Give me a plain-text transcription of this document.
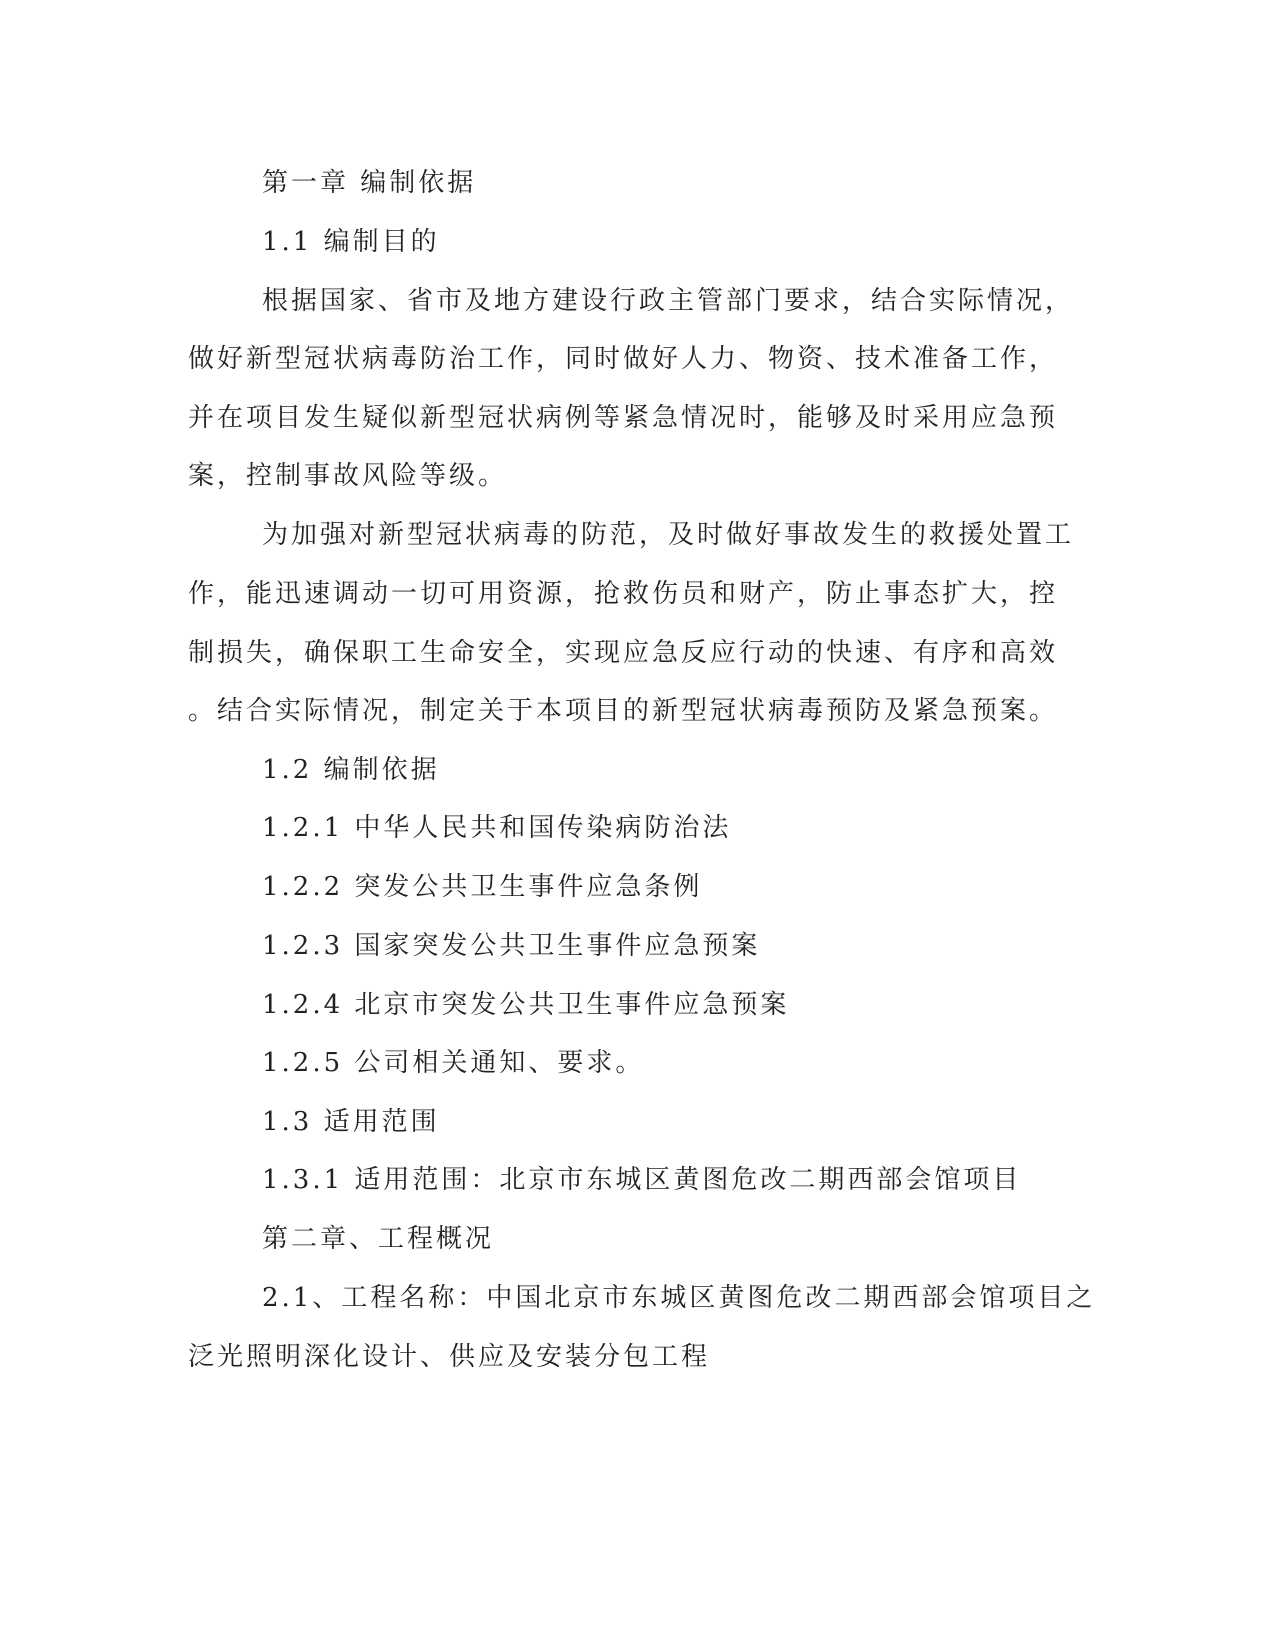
第一章 编制依据
1.1 编制目的
根据国家、省市及地方建设行政主管部门要求，结合实际情况，
做好新型冠状病毒防治工作，同时做好人力、物资、技术准备工作，
并在项目发生疑似新型冠状病例等紧急情况时，能够及时采用应急预
案，控制事故风险等级。
为加强对新型冠状病毒的防范，及时做好事故发生的救援处置工
作，能迅速调动一切可用资源，抢救伤员和财产，防止事态扩大，控
制损失，确保职工生命安全，实现应急反应行动的快速、有序和高效
。结合实际情况，制定关于本项目的新型冠状病毒预防及紧急预案。
1.2 编制依据
1.2.1 中华人民共和国传染病防治法
1.2.2 突发公共卫生事件应急条例
1.2.3 国家突发公共卫生事件应急预案
1.2.4 北京市突发公共卫生事件应急预案
1.2.5 公司相关通知、要求。
1.3 适用范围
1.3.1 适用范围：北京市东城区黄图危改二期西部会馆项目
第二章、工程概况
2.1、工程名称：中国北京市东城区黄图危改二期西部会馆项目之
泛光照明深化设计、供应及安装分包工程
